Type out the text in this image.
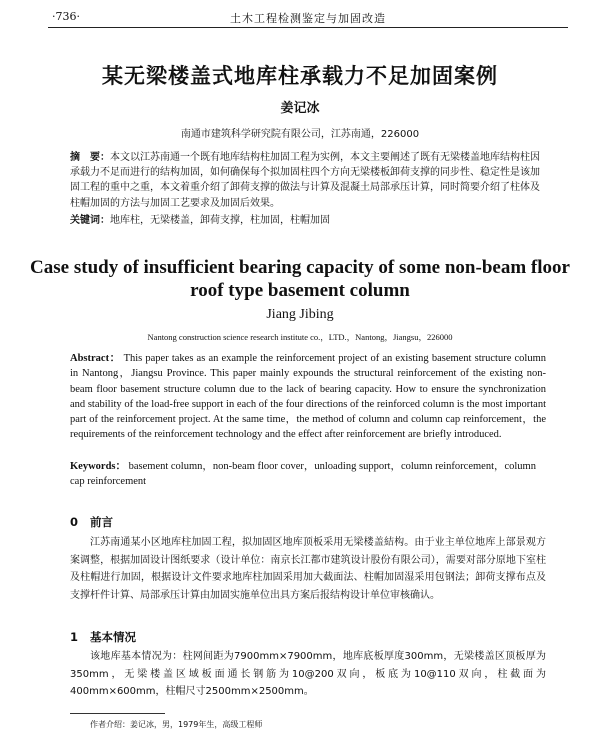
·736·	土木工程检测鉴定与加固改造
某无梁楼盖式地库柱承载力不足加固案例
姜记冰
南通市建筑科学研究院有限公司，江苏南通，226000
摘　要：本文以江苏南通一个既有地库结构柱加固工程为实例，本文主要阐述了既有无梁楼盖地库结构柱因承载力不足而进行的结构加固，如何确保每个拟加固柱四个方向无梁楼板卸荷支撑的同步性、稳定性是该加固工程的重中之重，本文着重介绍了卸荷支撑的做法与计算及混凝土局部承压计算，同时简要介绍了柱体及柱帽加固的方法与加固工艺要求及加固后效果。
关键词：地库柱，无梁楼盖，卸荷支撑，柱加固，柱帽加固
Case study of insufficient bearing capacity of some non-beam floor roof type basement column
Jiang Jibing
Nantong construction science research institute co.，LTD.，Nantong，Jiangsu，226000
Abstract： This paper takes as an example the reinforcement project of an existing basement structure column in Nantong，Jiangsu Province. This paper mainly expounds the structural reinforcement of the existing non-beam floor basement structure column due to the lack of bearing capacity. How to ensure the synchronization and stability of the load-free support in each of the four directions of the reinforced column is the most important part of the reinforcement project. At the same time，the method of column and column cap reinforcement，the requirements of the reinforcement technology and the effect after reinforcement are briefly introduced.
Keywords： basement column，non-beam floor cover，unloading support，column reinforcement，column cap reinforcement
0 前言
江苏南通某小区地库柱加固工程，拟加固区地库顶板采用无梁楼盖結构。由于业主单位地库上部景观方案调整，根据加固设计图纸要求（设计单位：南京长江都市建筑设计股份有限公司），需要对部分原地下室柱及柱帽进行加固，根据设计文件要求地库柱加固采用加大截面法、柱帽加固湿采用包钢法；卸荷支撑布点及支撑杆件计算、局部承压计算由加固实施单位出具方案后报结构设计单位审核确认。
1 基本情况
该地库基本情况为：柱网间距为7900mm×7900mm，地库底板厚度300mm，无梁楼盖区顶板厚为350mm，无梁楼盖区域板面通长钢筋为10@200双向，板底为10@110双向，柱截面为400mm×600mm，柱帽尺寸2500mm×2500mm。
作者介绍：姜记冰，男，1979年生，高级工程师
